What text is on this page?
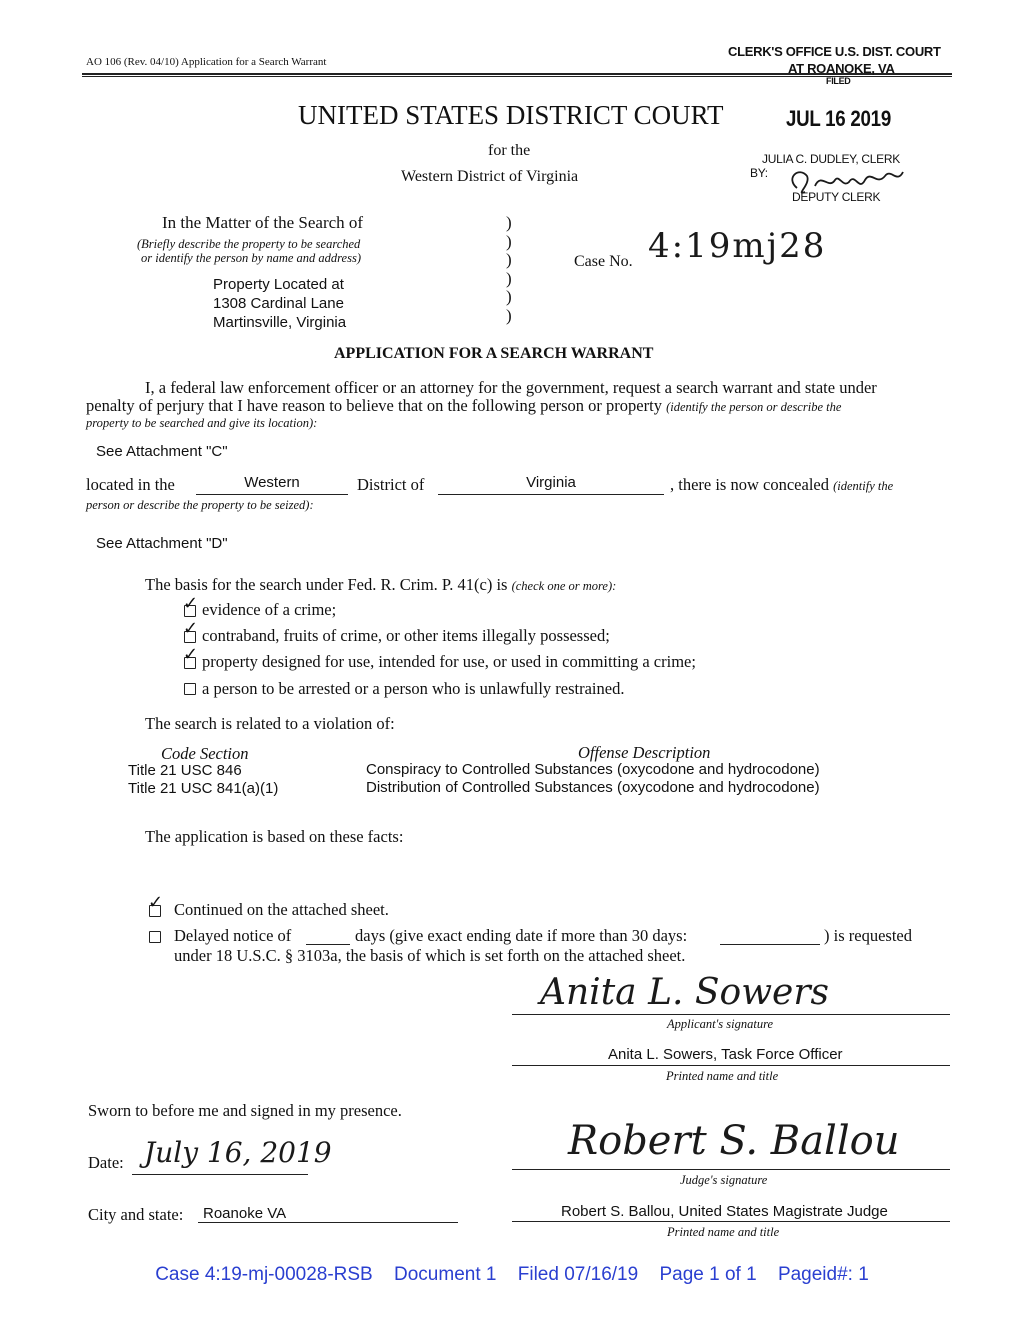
AO 106 (Rev. 04/10) Application for a Search Warrant
CLERK'S OFFICE U.S. DIST. COURT
AT ROANOKE, VA
FILED
JUL 16 2019
JULIA C. DUDLEY, CLERK
BY:
DEPUTY CLERK
UNITED STATES DISTRICT COURT
for the
Western District of Virginia
In the Matter of the Search of
(Briefly describe the property to be searched
or identify the person by name and address)
Property Located at
1308 Cardinal Lane
Martinsville, Virginia
)
)
)
)
)
)
Case No. 4:19mj28
APPLICATION FOR A SEARCH WARRANT
I, a federal law enforcement officer or an attorney for the government, request a search warrant and state under
penalty of perjury that I have reason to believe that on the following person or property (identify the person or describe the
property to be searched and give its location):
See Attachment "C"
located in the	Western	District of	Virginia	, there is now concealed (identify the
person or describe the property to be seized):
See Attachment "D"
The basis for the search under Fed. R. Crim. P. 41(c) is (check one or more):
✓ evidence of a crime;
✓ contraband, fruits of crime, or other items illegally possessed;
✓ property designed for use, intended for use, or used in committing a crime;
a person to be arrested or a person who is unlawfully restrained.
The search is related to a violation of:
Code Section	Offense Description
Title 21 USC 846	Conspiracy to Controlled Substances (oxycodone and hydrocodone)
Title 21 USC 841(a)(1)	Distribution of Controlled Substances (oxycodone and hydrocodone)
The application is based on these facts:
✓ Continued on the attached sheet.
Delayed notice of	days (give exact ending date if more than 30 days:	) is requested
under 18 U.S.C. § 3103a, the basis of which is set forth on the attached sheet.
Anita L. Sowers
Applicant's signature
Anita L. Sowers, Task Force Officer
Printed name and title
Sworn to before me and signed in my presence.
Date: July 16, 2019
City and state: Roanoke VA
Robert S. Ballou
Judge's signature
Robert S. Ballou, United States Magistrate Judge
Printed name and title
Case 4:19-mj-00028-RSB Document 1 Filed 07/16/19 Page 1 of 1 Pageid#: 1
